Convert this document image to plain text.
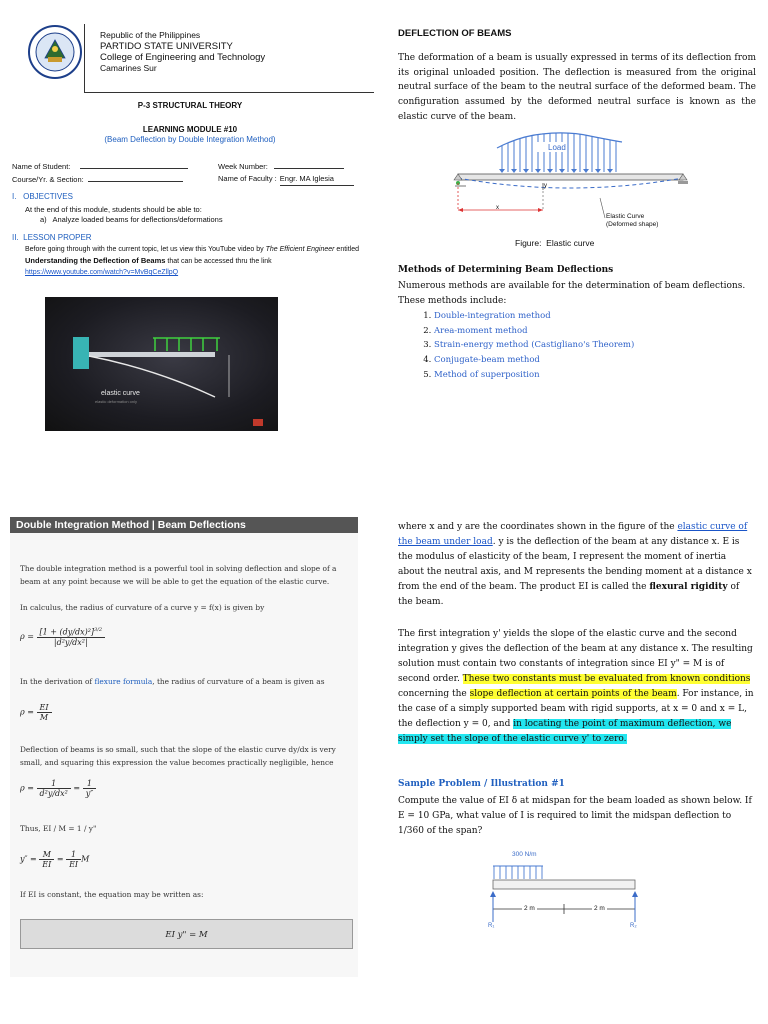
Republic of the Philippines
PARTIDO STATE UNIVERSITY
College of Engineering and Technology
Camarines Sur
P-3 STRUCTURAL THEORY
LEARNING MODULE #10
(Beam Deflection by Double Integration Method)
Name of Student:
Course/Yr. & Section:
Week Number:
Name of Faculty : Engr. MA Iglesia
I.   OBJECTIVES
At the end of this module, students should be able to:
a)   Analyze loaded beams for deflections/deformations
II.  LESSON PROPER
Before going through with the current topic, let us view this YouTube video by The Efficient Engineer entitled Understanding the Deflection of Beams that can be accessed thru the link https://www.youtube.com/watch?v=MvBqCeZllpQ
elastic curve
elastic deformation only
DEFLECTION OF BEAMS
The deformation of a beam is usually expressed in terms of its deflection from its original unloaded position. The deflection is measured from the original neutral surface of the beam to the neutral surface of the deformed beam. The configuration assumed by the deformed neutral surface is known as the elastic curve of the beam.
Load
x
y
Elastic Curve
(Deformed shape)
Figure:  Elastic curve
Methods of Determining Beam Deflections
Numerous methods are available for the determination of beam deflections. These methods include:
1. Double-integration method
2. Area-moment method
3. Strain-energy method (Castigliano's Theorem)
4. Conjugate-beam method
5. Method of superposition
Double Integration Method | Beam Deflections
The double integration method is a powerful tool in solving deflection and slope of a beam at any point because we will be able to get the equation of the elastic curve.
In calculus, the radius of curvature of a curve y = f(x) is given by
$\rho = \frac{[1 + (dy/dx)^2]^{3/2}}{\text{|d²y/dx²|}}$
In the derivation of flexure formula, the radius of curvature of a beam is given as
$\rho = \frac{EI}{M}$
Deflection of beams is so small, such that the slope of the elastic curve dy/dx is very small, and squaring this expression the value becomes practically negligible, hence
$\rho = \frac{1}{\text{d²y/dx²}} = \frac{1}{y''}$
Thus, EI / M = 1 / y"
$y'' = \frac{M}{EI} = \frac{1}{EI}$ M
If EI is constant, the equation may be written as:
EI y" = M
where x and y are the coordinates shown in the figure of the elastic curve of the beam under load. y is the deflection of the beam at any distance x. E is the modulus of elasticity of the beam, I represent the moment of inertia about the neutral axis, and M represents the bending moment at a distance x from the end of the beam. The product EI is called the flexural rigidity of the beam.
The first integration y' yields the slope of the elastic curve and the second integration y gives the deflection of the beam at any distance x. The resulting solution must contain two constants of integration since EI y" = M is of second order. These two constants must be evaluated from known conditions concerning the slope deflection at certain points of the beam. For instance, in the case of a simply supported beam with rigid supports, at x = 0 and x = L, the deflection y = 0, and in locating the point of maximum deflection, we simply set the slope of the elastic curve y' to zero.
Sample Problem / Illustration #1
Compute the value of EI δ at midspan for the beam loaded as shown below. If E = 10 GPa, what value of I is required to limit the midspan deflection to 1/360 of the span?
300 N/m
2 m	2 m
R₁	R₂
